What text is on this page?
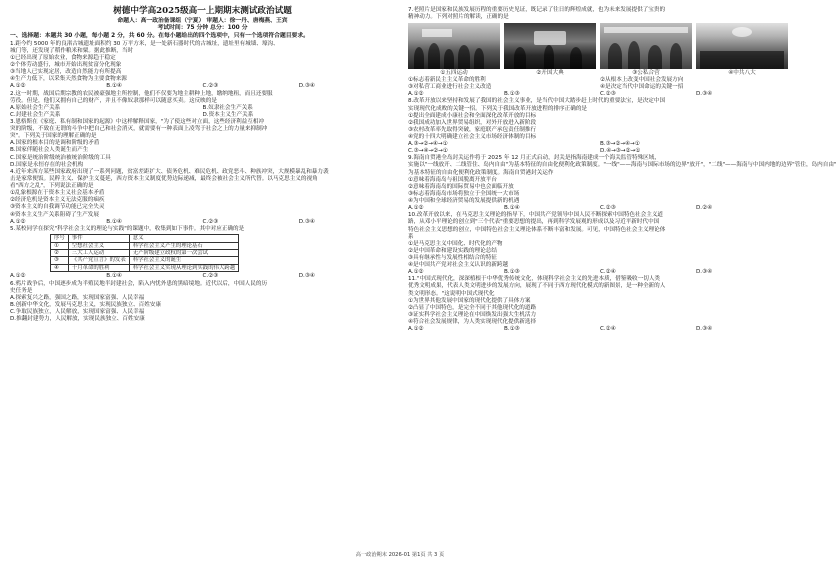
树德中学高2025级高一上期期末测试政治试题
命题人：高一政治备课组（宁夏） 审题人：徐一丹、唐梅燕、王宾
考试时间：75 分钟 总分：100 分
一、选择题：本题共 30 小题，每小题 2 分，共 60 分。在每小题给出的四个选项中，只有一个选项符合题目要求。
1.距今约 5000 年的良渚古城遗址面积约 30 万平方米，是一处新石器时代的古城址，遗址里有城墙、壕沟、
城门等，还发现了稻作粮米和粟。据此推断，当时
①已经出现了原始农业，食物来源趋于稳定
②个体劳动盛行，城市开始出现贫富分化现象
③当地人已实现定居，改造自然能力有所提高
④生产力低下，以采集天然食物为主要食物来源
A.①②	B.①④	C.②③	D.③④
2.这一时期，战国后期宗教的农民被豪强地主所控制，他们不仅要为地主耕种上地，缴纳地租，而且还要服
劳役。但是，他们又拥有自己的财产，并且不像奴隶那样可以随意买卖。这反映的是
A.原始社会生产关系	B.奴隶社会生产关系
C.封建社会生产关系	D.资本主义生产关系
3.恩格斯在《家庭、私有制和国家的起源》中这样解释国家，"为了使这些对立面，这些经济利益互相冲
突的阶级，不致在无谓的斗争中把自己和社会消灭，就需要有一种表面上凌驾于社会之上的力量来抑制冲
突"。下列关于国家的理解正确的是
A.国家的根本目的是调和阶级的矛盾
B.国家伴随社会人类诞生而产生
C.国家是统治阶级统治被统治阶级的工具
D.国家是永恒存在的社会机构
4.近年来西方某些国家政府出现了一系列问题，贫富差距扩大、债务危机、难民危机、政党恶斗、种族冲突，大规模暴乱和暴力袭
击是家常便饭。民粹主义、保护主义蔓延，西方资本主义制度优势边际递减，最终会被社会主义所代替。以马克思主义的视角
看"西方之乱"，下列说法正确的是
①乱象根源在于资本主义社会基本矛盾
②经济危机是资本主义无法克服的痼疾
③资本主义的自我调节功能已完全失灵
④资本主义生产关系阻碍了生产发展
A.①②	B.①④	C.②③	D.③④
5.某校同学在探究"科学社会主义的理论与实践"的课题中，收集到如下事件。其中对应正确的是
序号	事件	意义
①	空想社会主义	科学社会主义产生的理论基石
②	三大工人运动	无产阶级建立政权的第一次尝试
③	《共产党宣言》的发表	科学社会主义的诞生
④	十月革命的胜利	科学社会主义实现从理论到实践的伟大跨越
A.①②	B.①④	C.②③	D.③④
6.鸦片战争后，中国逐步成为半殖民地半封建社会，陷入内忧外患的黑暗境地。近代以后，中国人民的历
史任务是
A.探索复兴之路，强国之路，实现国家富强、人民幸福
B.创新中华文化，发展马克思主义，实现民族独立、百姓安康
C.争取民族独立，人民解放，实现国家富强、人民幸福
D.推翻封建势力，人民解放，实现民族独立、百姓安康
7.老照片是国家和民族发展历程的重要历史见证，既记录了往日的辉煌成就，也为未来发展提供了宝贵的
精神动力。下列对照片的解读，正确的是
①五四运动	②开国大典	③公私合营	④中共八大
①标志着新民主主义革命的胜利	②从根本上改变中国社会发展方向
③对私营工商业进行社会主义改造	④是决定当代中国命运的关键一招
A.①②	B.①③	C.②③	D.③④
8.改革开放以来坚持和发展了我国的社会主义事业，是当代中国大踏步赶上时代的重要法宝，是决定中国
实现现代化成败的关键一招。下列关于我国改革开放进程的排序正确的是
①提出全面建成小康社会和全面深化改革开放的目标
②我国成功加入世界贸易组织，对外开放进入新阶段
③农村改革率先取得突破，家庭联产承包责任制推行
④党的十四大明确建立社会主义市场经济体制的目标
A.③→②→④→①	B.③→②→④→①
C.③→④→②→①	D.④→③→②→①
9.海南自贸港全岛封关运作将于 2025 年 12 月正式启动，封关是指海南建成一个海关监管特殊区域，
实施以"一线放开、二线管住、岛内自由"为基本特征的自由化便利化政策制度。"一线"——海南与国际市场的边界"放开"，"二线"——海南与中国内地的边界"管住，岛内自由"
为基本特征的自由化便利化政策制度。海南自贸港封关运作
①意味着海南岛与祖国脱离开放平台
②意味着海南岛的国际贸易中也会面临开放
③标志着海南岛市场将独立于全国统一大市场
④为中国和全球经济贸易的发展提供新的机遇
A.①②	B.①④	C.②③	D.②④
10.改革开放以来，在马克思主义理论的指导下，中国共产党领导中国人民不断探索中国特色社会主义道
路，从邓小平理论的创立到"三个代表"重要思想的提出，再到科学发展观的形成以及习近平新时代中国
特色社会主义思想的创立，中国特色社会主义理论体系不断丰富和发展。可见，中国特色社会主义理论体
系
①是马克思主义中国化、时代化的产物
②是中国革命和建设实践的理论总结
③具有继承性与发展性相结合的特征
④是中国共产党对社会主义认识的新跨越
A.①②	B.①③	C.②④	D.③④
11."中国式现代化，深深植根于中华优秀传统文化，体现科学社会主义的先进本质，借鉴吸收一切人类
优秀文明成果，代表人类文明进步的发展方向，展现了不同于西方现代化模式的新图景，是一种全新的人
类文明形态。"这说明中国式现代化
①为世界其他发展中国家的现代化提供了具体方案
②凸显了中国特色，是完全不同于其他现代化的道路
③证实科学社会主义理论在中国焕发出强大生机活力
④符合社会发展规律，为人类实现现代化提供新选择
A.①②	B.①③	C.②④	D.③④
高一政治期末 2026-01 第1页 共 3 页
